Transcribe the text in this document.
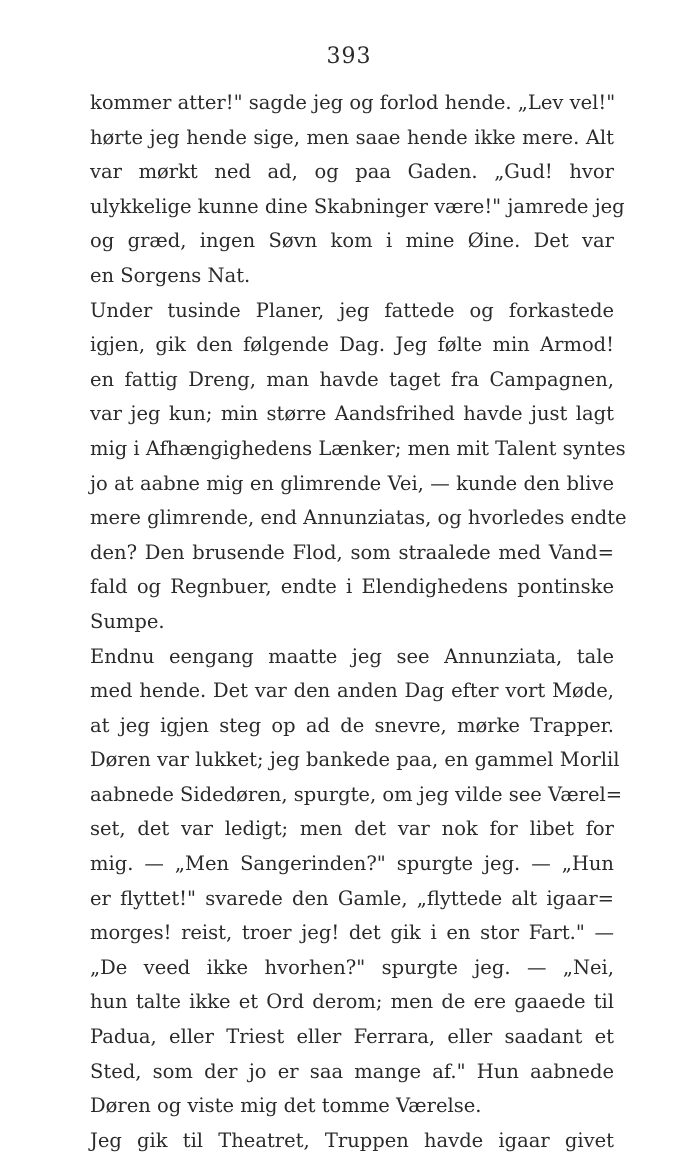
393
kommer atter!" sagde jeg og forlod hende. „Lev vel!"
hørte jeg hende sige, men saae hende ikke mere. Alt
var mørkt ned ad, og paa Gaden. „Gud! hvor
ulykkelige kunne dine Skabninger være!" jamrede jeg
og græd, ingen Søvn kom i mine Øine. Det var
en Sorgens Nat.
Under tusinde Planer, jeg fattede og forkastede
igjen, gik den følgende Dag. Jeg følte min Armod!
en fattig Dreng, man havde taget fra Campagnen,
var jeg kun; min større Aandsfrihed havde just lagt
mig i Afhængighedens Lænker; men mit Talent syntes
jo at aabne mig en glimrende Vei, — kunde den blive
mere glimrende, end Annunziatas, og hvorledes endte
den? Den brusende Flod, som straalede med Vand=
fald og Regnbuer, endte i Elendighedens pontinske
Sumpe.
Endnu eengang maatte jeg see Annunziata, tale
med hende. Det var den anden Dag efter vort Møde,
at jeg igjen steg op ad de snevre, mørke Trapper.
Døren var lukket; jeg bankede paa, en gammel Morlil
aabnede Sidedøren, spurgte, om jeg vilde see Værel=
set, det var ledigt; men det var nok for libet for
mig. — „Men Sangerinden?" spurgte jeg. — „Hun
er flyttet!" svarede den Gamle, „flyttede alt igaar=
morges! reist, troer jeg! det gik i en stor Fart." —
„De veed ikke hvorhen?" spurgte jeg. — „Nei,
hun talte ikke et Ord derom; men de ere gaaede til
Padua, eller Triest eller Ferrara, eller saadant et
Sted, som der jo er saa mange af." Hun aabnede
Døren og viste mig det tomme Værelse.
Jeg gik til Theatret, Truppen havde igaar givet
